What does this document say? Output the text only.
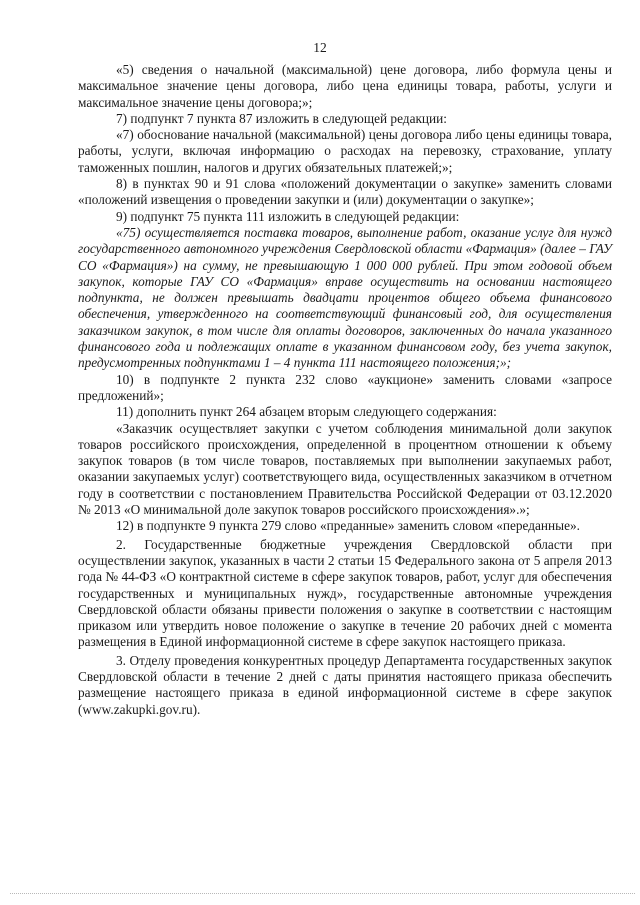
12

«5) сведения о начальной (максимальной) цене договора, либо формула цены и максимальное значение цены договора, либо цена единицы товара, работы, услуги и максимальное значение цены договора;»;

7) подпункт 7 пункта 87 изложить в следующей редакции:

«7) обоснование начальной (максимальной) цены договора либо цены единицы товара, работы, услуги, включая информацию о расходах на перевозку, страхование, уплату таможенных пошлин, налогов и других обязательных платежей;»;

8) в пунктах 90 и 91 слова «положений документации о закупке» заменить словами «положений извещения о проведении закупки и (или) документации о закупке»;

9) подпункт 75 пункта 111 изложить в следующей редакции:

«75) осуществляется поставка товаров, выполнение работ, оказание услуг для нужд государственного автономного учреждения Свердловской области «Фармация» (далее – ГАУ СО «Фармация») на сумму, не превышающую 1 000 000 рублей. При этом годовой объем закупок, которые ГАУ СО «Фармация» вправе осуществить на основании настоящего подпункта, не должен превышать двадцати процентов общего объема финансового обеспечения, утвержденного на соответствующий финансовый год, для осуществления заказчиком закупок, в том числе для оплаты договоров, заключенных до начала указанного финансового года и подлежащих оплате в указанном финансовом году, без учета закупок, предусмотренных подпунктами 1 – 4 пункта 111 настоящего положения;»;

10) в подпункте 2 пункта 232 слово «аукционе» заменить словами «запросе предложений»;

11) дополнить пункт 264 абзацем вторым следующего содержания:

«Заказчик осуществляет закупки с учетом соблюдения минимальной доли закупок товаров российского происхождения, определенной в процентном отношении к объему закупок товаров (в том числе товаров, поставляемых при выполнении закупаемых работ, оказании закупаемых услуг) соответствующего вида, осуществленных заказчиком в отчетном году в соответствии с постановлением Правительства Российской Федерации от 03.12.2020 № 2013 «О минимальной доле закупок товаров российского происхождения».»;

12) в подпункте 9 пункта 279 слово «преданные» заменить словом «переданные».

2. Государственные бюджетные учреждения Свердловской области при осуществлении закупок, указанных в части 2 статьи 15 Федерального закона от 5 апреля 2013 года № 44-ФЗ «О контрактной системе в сфере закупок товаров, работ, услуг для обеспечения государственных и муниципальных нужд», государственные автономные учреждения Свердловской области обязаны привести положения о закупке в соответствии с настоящим приказом или утвердить новое положение о закупке в течение 20 рабочих дней с момента размещения в Единой информационной системе в сфере закупок настоящего приказа.

3. Отделу проведения конкурентных процедур Департамента государственных закупок Свердловской области в течение 2 дней с даты принятия настоящего приказа обеспечить размещение настоящего приказа в единой информационной системе в сфере закупок (www.zakupki.gov.ru).
